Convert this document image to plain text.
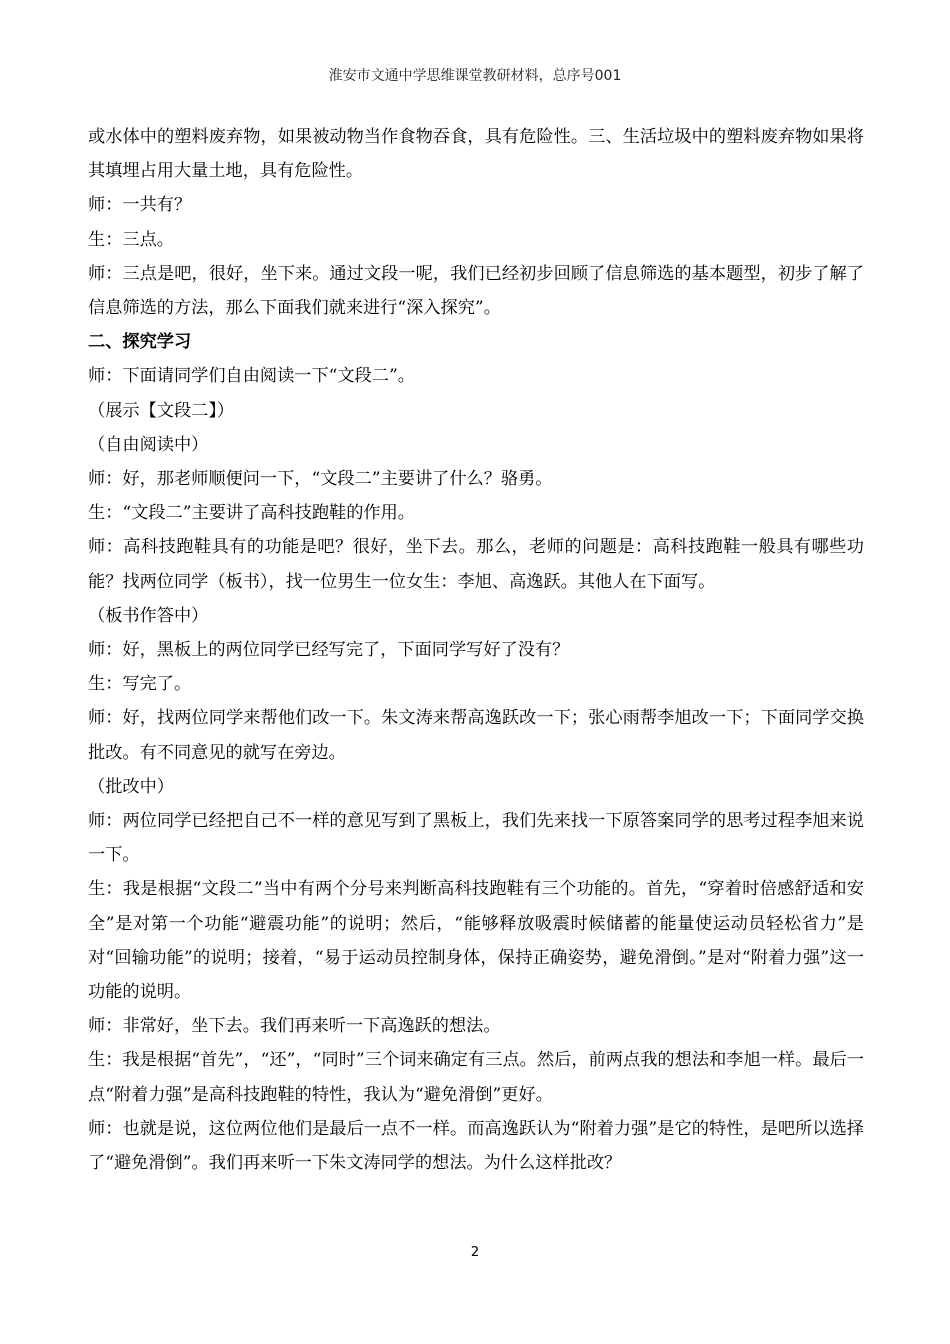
淮安市文通中学思维课堂教研材料，总序号001

或水体中的塑料废弃物，如果被动物当作食物吞食，具有危险性。三、生活垃圾中的塑料废弃物如果将其填埋占用大量土地，具有危险性。

师：一共有？

生：三点。

师：三点是吧，很好，坐下来。通过文段一呢，我们已经初步回顾了信息筛选的基本题型，初步了解了信息筛选的方法，那么下面我们就来进行“深入探究”。

二、探究学习

师：下面请同学们自由阅读一下“文段二”。

（展示【文段二】）

（自由阅读中）

师：好，那老师顺便问一下，“文段二”主要讲了什么？骆勇。

生：“文段二”主要讲了高科技跑鞋的作用。

师：高科技跑鞋具有的功能是吧？很好，坐下去。那么，老师的问题是：高科技跑鞋一般具有哪些功能？找两位同学（板书），找一位男生一位女生：李旭、高逸跃。其他人在下面写。

（板书作答中）

师：好，黑板上的两位同学已经写完了，下面同学写好了没有？

生：写完了。

师：好，找两位同学来帮他们改一下。朱文涛来帮高逸跃改一下；张心雨帮李旭改一下；下面同学交换批改。有不同意见的就写在旁边。

（批改中）

师：两位同学已经把自己不一样的意见写到了黑板上，我们先来找一下原答案同学的思考过程李旭来说一下。

生：我是根据“文段二”当中有两个分号来判断高科技跑鞋有三个功能的。首先，“穿着时倍感舒适和安全”是对第一个功能“避震功能”的说明；然后，“能够释放吸震时候储蓄的能量使运动员轻松省力”是对“回输功能”的说明；接着，“易于运动员控制身体，保持正确姿势，避免滑倒。”是对“附着力强”这一功能的说明。

师：非常好，坐下去。我们再来听一下高逸跃的想法。

生：我是根据“首先”，“还”，“同时”三个词来确定有三点。然后，前两点我的想法和李旭一样。最后一点“附着力强”是高科技跑鞋的特性，我认为“避免滑倒”更好。

师：也就是说，这位两位他们是最后一点不一样。而高逸跃认为“附着力强”是它的特性，是吧所以选择了“避免滑倒”。我们再来听一下朱文涛同学的想法。为什么这样批改？

2
